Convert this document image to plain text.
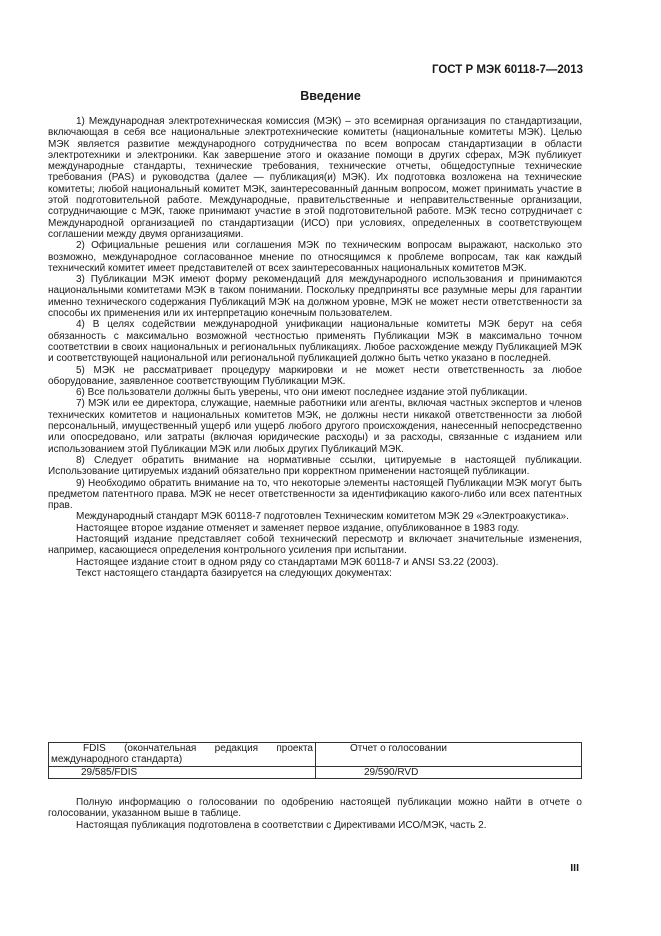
ГОСТ Р МЭК 60118-7—2013
Введение

1) Международная электротехническая комиссия (МЭК) – это всемирная организация по стандартизации, включающая в себя все национальные электротехнические комитеты (национальные комитеты МЭК). Целью МЭК является развитие международного сотрудничества по всем вопросам стандартизации в области электротехники и электроники. Как завершение этого и оказание помощи в других сферах, МЭК публикует международные стандарты, технические требования, технические отчеты, общедоступные технические требования (PAS) и руководства (далее — публикация(и) МЭК). Их подготовка возложена на технические комитеты; любой национальный комитет МЭК, заинтересованный данным вопросом, может принимать участие в этой подготовительной работе. Международные, правительственные и неправительственные организации, сотрудничающие с МЭК, также принимают участие в этой подготовительной работе. МЭК тесно сотрудничает с Международной организацией по стандартизации (ИСО) при условиях, определенных в соответствующем соглашении между двумя организациями.

2) Официальные решения или соглашения МЭК по техническим вопросам выражают, насколько это возможно, международное согласованное мнение по относящимся к проблеме вопросам, так как каждый технический комитет имеет представителей от всех заинтересованных национальных комитетов МЭК.

3) Публикации МЭК имеют форму рекомендаций для международного использования и принимаются национальными комитетами МЭК в таком понимании. Поскольку предприняты все разумные меры для гарантии именно технического содержания Публикаций МЭК на должном уровне, МЭК не может нести ответственности за способы их применения или их интерпретацию конечным пользователем.

4) В целях содействии международной унификации национальные комитеты МЭК берут на себя обязанность с максимально возможной честностью применять Публикации МЭК в максимально точном соответствии в своих национальных и региональных публикациях. Любое расхождение между Публикацией МЭК и соответствующей национальной или региональной публикацией должно быть четко указано в последней.

5) МЭК не рассматривает процедуру маркировки и не может нести ответственность за любое оборудование, заявленное соответствующим Публикации МЭК.

6) Все пользователи должны быть уверены, что они имеют последнее издание этой публикации.

7) МЭК или ее директора, служащие, наемные работники или агенты, включая частных экспертов и членов технических комитетов и национальных комитетов МЭК, не должны нести никакой ответственности за любой персональный, имущественный ущерб или ущерб любого другого происхождения, нанесенный непосредственно или опосредовано, или затраты (включая юридические расходы) и за расходы, связанные с изданием или использованием этой Публикации МЭК или любых других Публикаций МЭК.

8) Следует обратить внимание на нормативные ссылки, цитируемые в настоящей публикации. Использование цитируемых изданий обязательно при корректном применении настоящей публикации.

9) Необходимо обратить внимание на то, что некоторые элементы настоящей Публикации МЭК могут быть предметом патентного права. МЭК не несет ответственности за идентификацию какого-либо или всех патентных прав.

Международный стандарт МЭК 60118-7 подготовлен Техническим комитетом МЭК 29 «Электроакустика».

Настоящее второе издание отменяет и заменяет первое издание, опубликованное в 1983 году.

Настоящий издание представляет собой технический пересмотр и включает значительные изменения, например, касающиеся определения контрольного усиления при испытании.

Настоящее издание стоит в одном ряду со стандартами МЭК 60118-7 и ANSI S3.22 (2003).

Текст настоящего стандарта базируется на следующих документах:

FDIS (окончательная редакция проекта международного стандарта)	Отчет о голосовании
29/585/FDIS	29/590/RVD

Полную информацию о голосовании по одобрению настоящей публикации можно найти в отчете о голосовании, указанном выше в таблице.

Настоящая публикация подготовлена в соответствии с Директивами ИСО/МЭК, часть 2.

III
